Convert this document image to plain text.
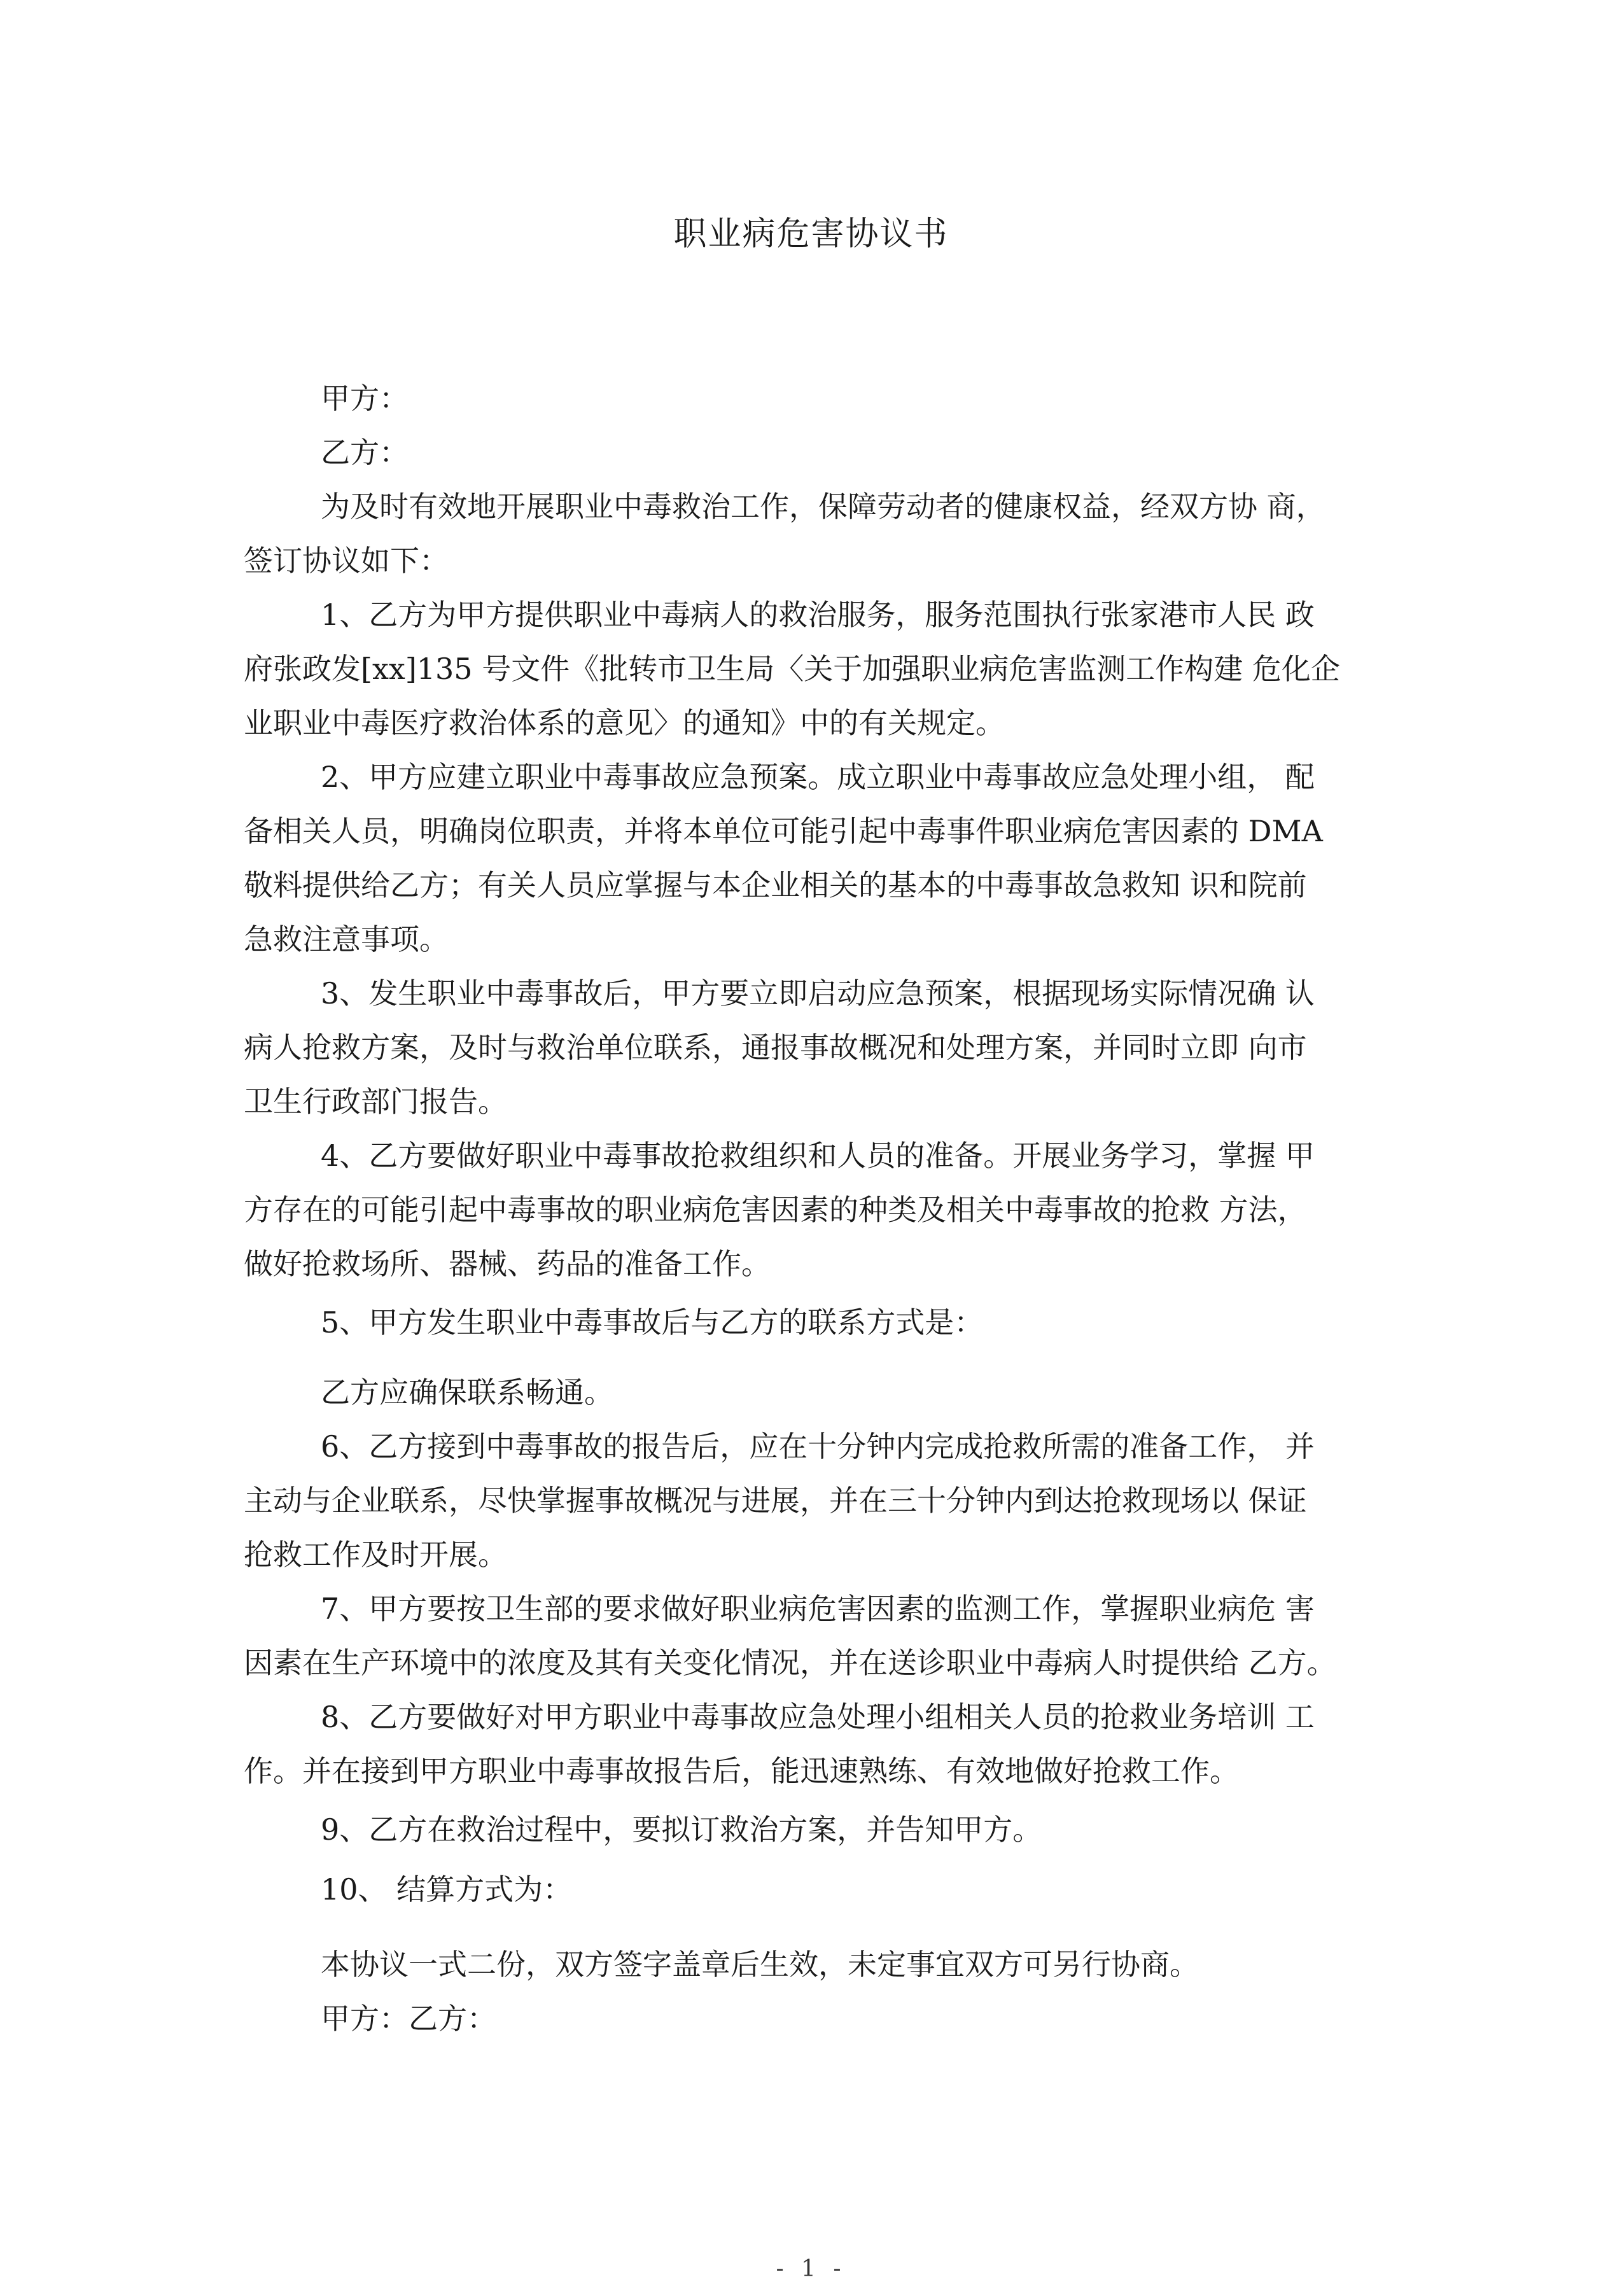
职业病危害协议书
甲方：
乙方：
为及时有效地开展职业中毒救治工作，保障劳动者的健康权益，经双方协 商，
签订协议如下：
1、乙方为甲方提供职业中毒病人的救治服务，服务范围执行张家港市人民 政
府张政发[xx]135 号文件《批转市卫生局〈关于加强职业病危害监测工作构建 危化企
业职业中毒医疗救治体系的意见〉的通知》中的有关规定。
2、甲方应建立职业中毒事故应急预案。成立职业中毒事故应急处理小组， 配
备相关人员，明确岗位职责，并将本单位可能引起中毒事件职业病危害因素的 DMA
敬料提供给乙方；有关人员应掌握与本企业相关的基本的中毒事故急救知 识和院前
急救注意事项。
3、发生职业中毒事故后，甲方要立即启动应急预案，根据现场实际情况确 认
病人抢救方案，及时与救治单位联系，通报事故概况和处理方案，并同时立即 向市
卫生行政部门报告。
4、乙方要做好职业中毒事故抢救组织和人员的准备。开展业务学习，掌握 甲
方存在的可能引起中毒事故的职业病危害因素的种类及相关中毒事故的抢救 方法，
做好抢救场所、器械、药品的准备工作。
5、甲方发生职业中毒事故后与乙方的联系方式是：
乙方应确保联系畅通。
6、乙方接到中毒事故的报告后，应在十分钟内完成抢救所需的准备工作， 并
主动与企业联系，尽快掌握事故概况与进展，并在三十分钟内到达抢救现场以 保证
抢救工作及时开展。
7、甲方要按卫生部的要求做好职业病危害因素的监测工作，掌握职业病危 害
因素在生产环境中的浓度及其有关变化情况，并在送诊职业中毒病人时提供给 乙方。
8、乙方要做好对甲方职业中毒事故应急处理小组相关人员的抢救业务培训 工
作。并在接到甲方职业中毒事故报告后，能迅速熟练、有效地做好抢救工作。
9、乙方在救治过程中，要拟订救治方案，并告知甲方。
10、 结算方式为：
本协议一式二份，双方签字盖章后生效，未定事宜双方可另行协商。
甲方：乙方：
- 1 -
